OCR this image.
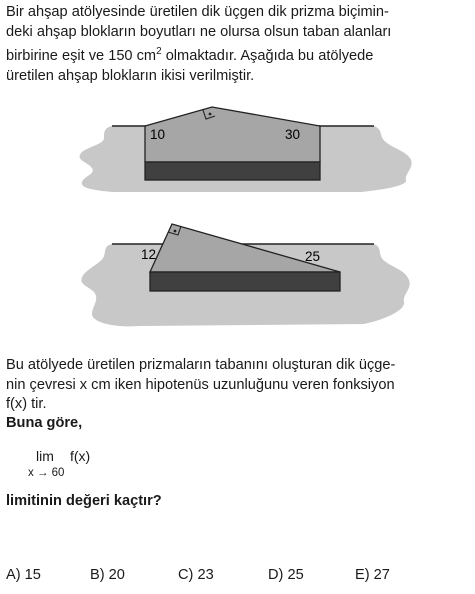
Bir ahşap atölyesinde üretilen dik üçgen dik prizma biçimin-
deki ahşap blokların boyutları ne olursa olsun taban alanları
birbirine eşit ve 150 $cm^2$ olmaktadır. Aşağıda bu atölyede
üretilen ahşap blokların ikisi verilmiştir.
10	30
12	25
Bu atölyede üretilen prizmaların tabanını oluşturan dik üçge-
nin çevresi x cm iken hipotenüs uzunluğunu veren fonksiyon
f(x) tir.
Buna göre,
lim f(x)
x → 60
limitinin değeri kaçtır?
A) 15	B) 20	C) 23	D) 25	E) 27
